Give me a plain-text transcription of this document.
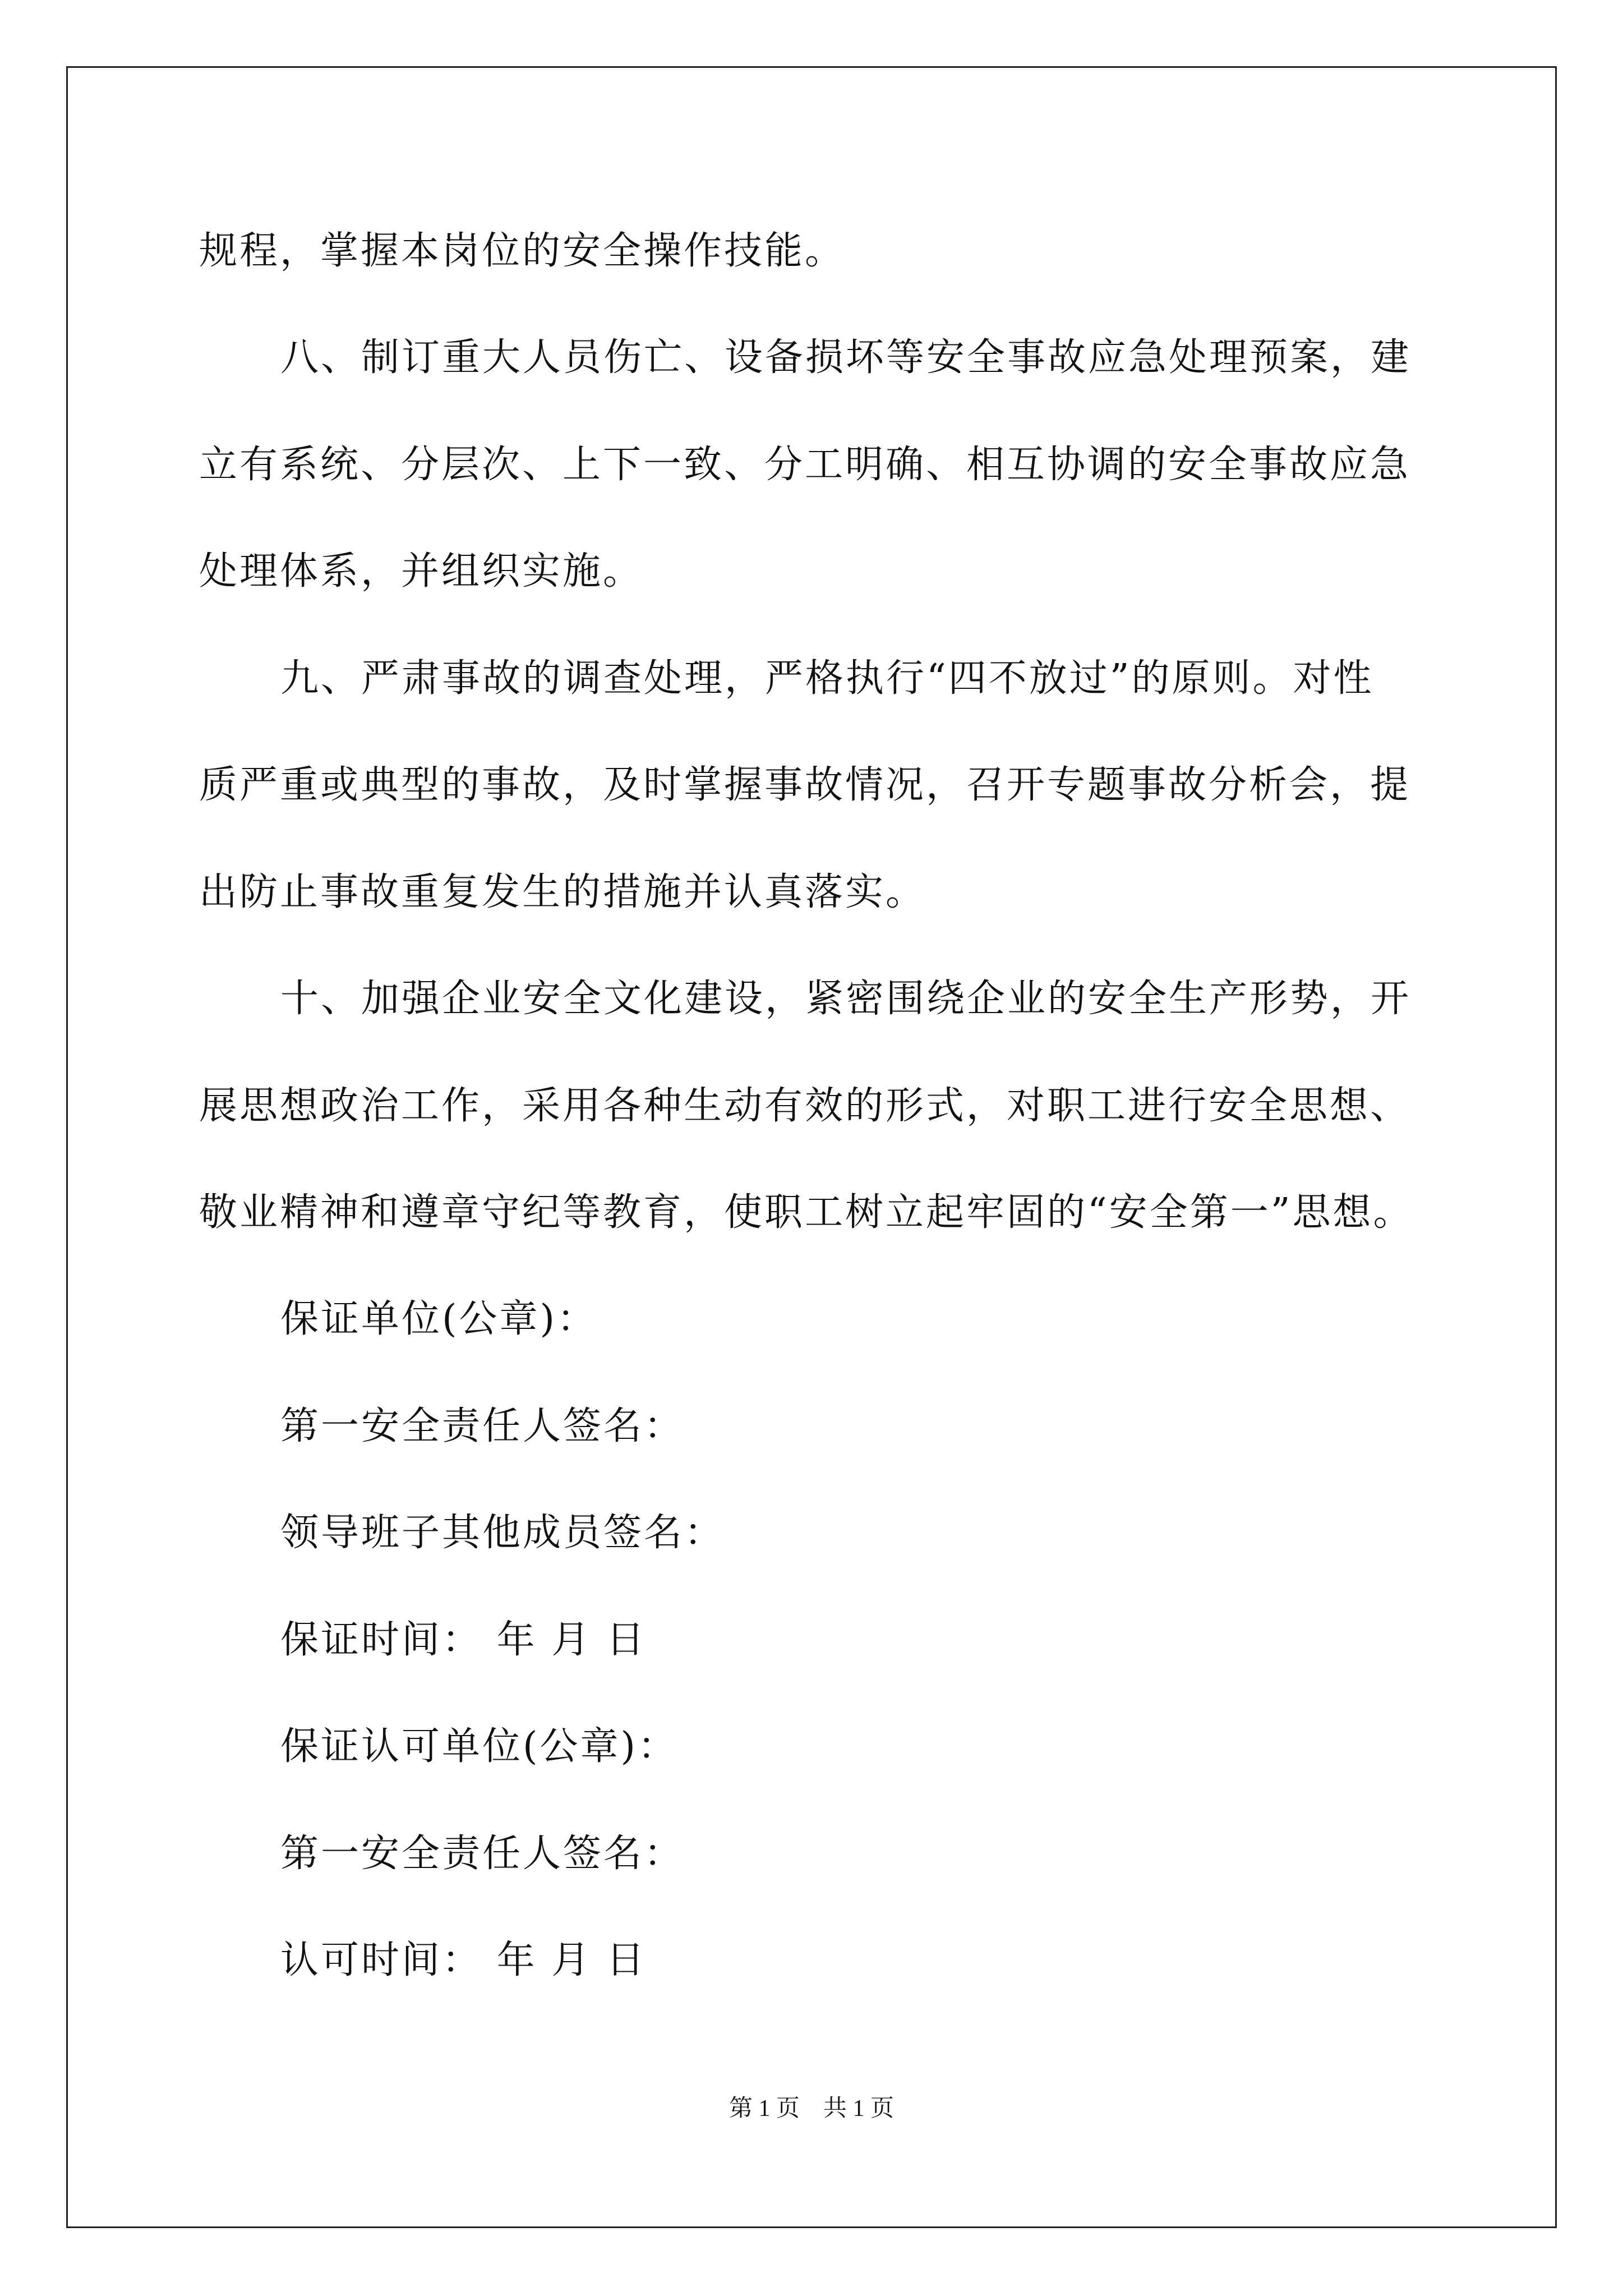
规程，掌握本岗位的安全操作技能。
八、制订重大人员伤亡、设备损坏等安全事故应急处理预案，建
立有系统、分层次、上下一致、分工明确、相互协调的安全事故应急
处理体系，并组织实施。
九、严肃事故的调查处理，严格执行“四不放过”的原则。对性
质严重或典型的事故，及时掌握事故情况，召开专题事故分析会，提
出防止事故重复发生的措施并认真落实。
十、加强企业安全文化建设，紧密围绕企业的安全生产形势，开
展思想政治工作，采用各种生动有效的形式，对职工进行安全思想、
敬业精神和遵章守纪等教育，使职工树立起牢固的“安全第一”思想。
保证单位(公章)：
第一安全责任人签名：
领导班子其他成员签名：
保证时间： 年 月 日
保证认可单位(公章)：
第一安全责任人签名：
认可时间： 年 月 日
第 1 页    共 1 页
